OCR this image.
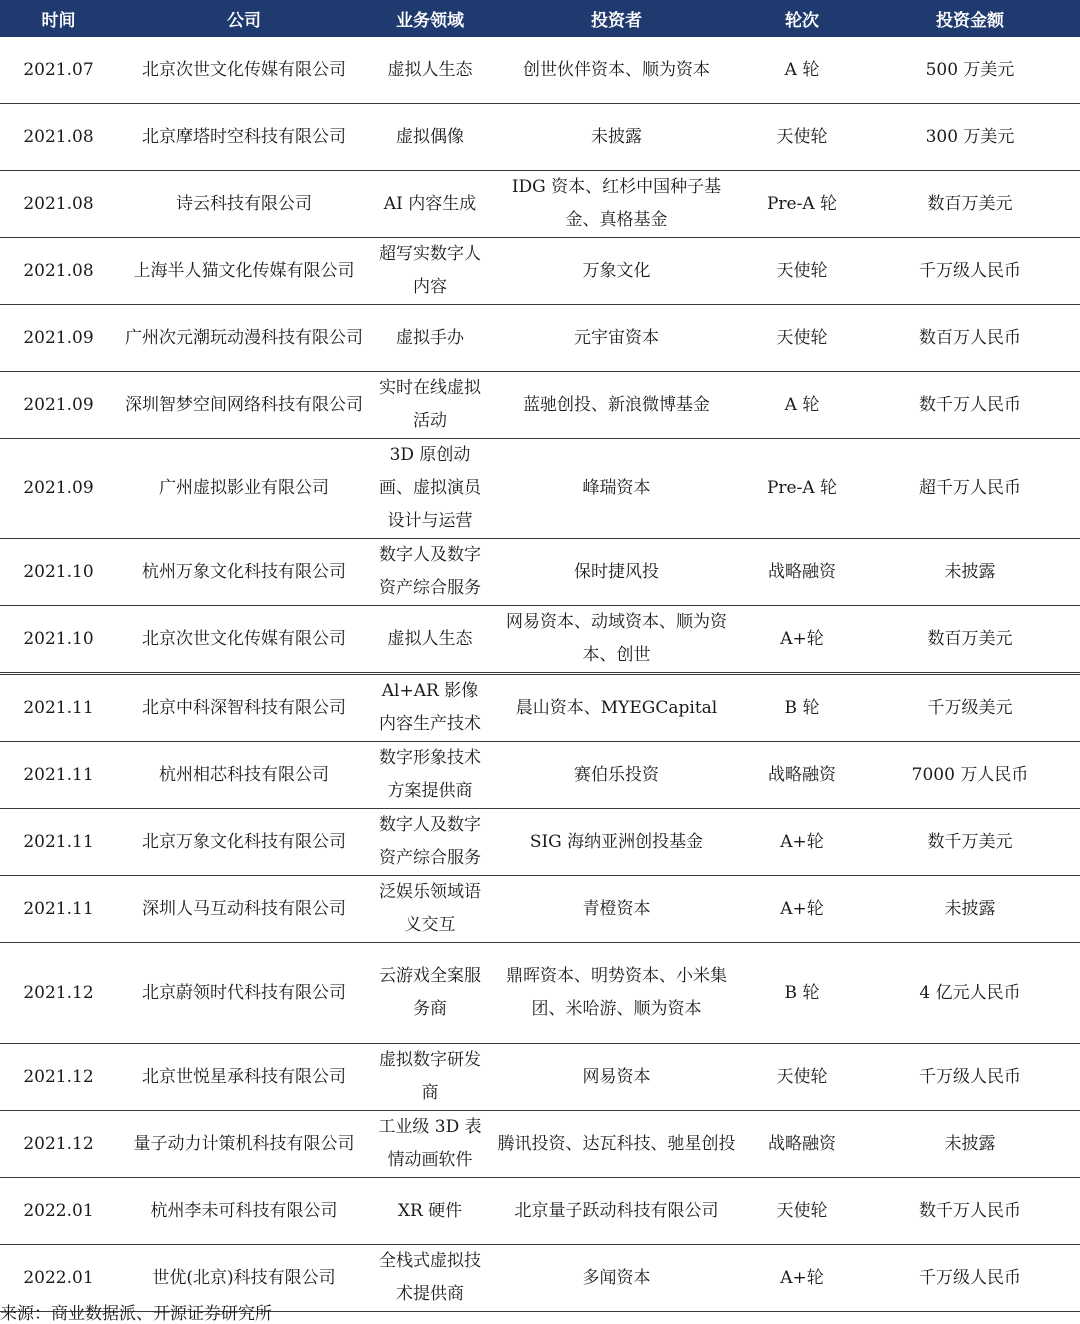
时间	公司	业务领域	投资者	轮次	投资金额
2021.07	北京次世文化传媒有限公司	虚拟人生态	创世伙伴资本、顺为资本	A 轮	500 万美元
2021.08	北京摩塔时空科技有限公司	虚拟偶像	未披露	天使轮	300 万美元
2021.08	诗云科技有限公司	AI 内容生成	IDG 资本、红杉中国种子基金、真格基金	Pre-A 轮	数百万美元
2021.08	上海半人猫文化传媒有限公司	超写实数字人内容	万象文化	天使轮	千万级人民币
2021.09	广州次元潮玩动漫科技有限公司	虚拟手办	元宇宙资本	天使轮	数百万人民币
2021.09	深圳智梦空间网络科技有限公司	实时在线虚拟活动	蓝驰创投、新浪微博基金	A 轮	数千万人民币
2021.09	广州虚拟影业有限公司	3D 原创动画、虚拟演员设计与运营	峰瑞资本	Pre-A 轮	超千万人民币
2021.10	杭州万象文化科技有限公司	数字人及数字资产综合服务	保时捷风投	战略融资	未披露
2021.10	北京次世文化传媒有限公司	虚拟人生态	网易资本、动域资本、顺为资本、创世	A+轮	数百万美元
2021.11	北京中科深智科技有限公司	Al+AR 影像内容生产技术	晨山资本、MYEGCapital	B 轮	千万级美元
2021.11	杭州相芯科技有限公司	数字形象技术方案提供商	赛伯乐投资	战略融资	7000 万人民币
2021.11	北京万象文化科技有限公司	数字人及数字资产综合服务	SIG 海纳亚洲创投基金	A+轮	数千万美元
2021.11	深圳人马互动科技有限公司	泛娱乐领域语义交互	青橙资本	A+轮	未披露
2021.12	北京蔚领时代科技有限公司	云游戏全案服务商	鼎晖资本、明势资本、小米集团、米哈游、顺为资本	B 轮	4 亿元人民币
2021.12	北京世悦星承科技有限公司	虚拟数字研发商	网易资本	天使轮	千万级人民币
2021.12	量子动力计策机科技有限公司	工业级 3D 表情动画软件	腾讯投资、达瓦科技、驰星创投	战略融资	未披露
2022.01	杭州李未可科技有限公司	XR 硬件	北京量子跃动科技有限公司	天使轮	数千万人民币
2022.01	世优(北京)科技有限公司	全栈式虚拟技术提供商	多闻资本	A+轮	千万级人民币
来源：商业数据派、开源证券研究所
